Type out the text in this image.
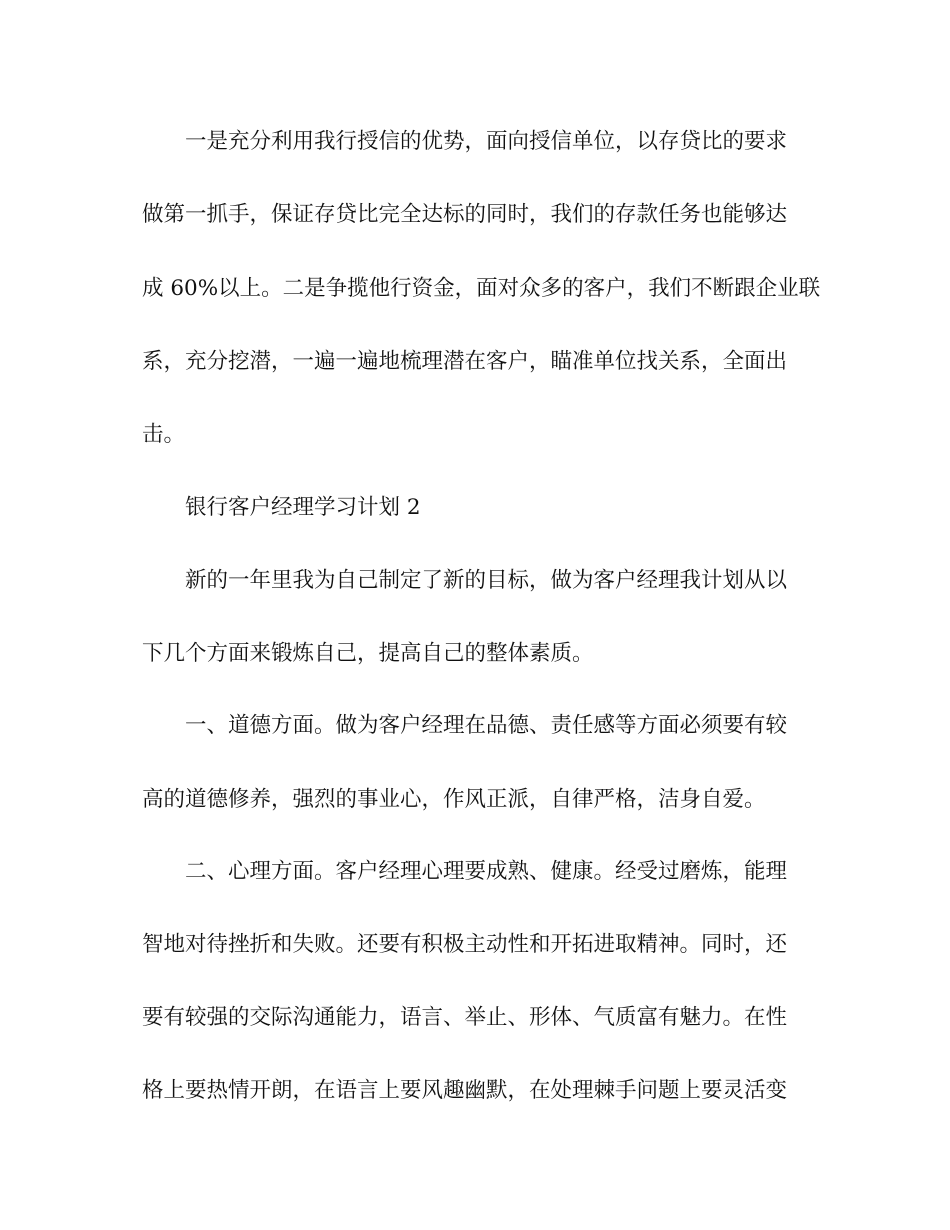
一是充分利用我行授信的优势，面向授信单位，以存贷比的要求
做第一抓手，保证存贷比完全达标的同时，我们的存款任务也能够达
成 60%以上。二是争揽他行资金，面对众多的客户，我们不断跟企业联
系，充分挖潜，一遍一遍地梳理潜在客户，瞄准单位找关系，全面出
击。
银行客户经理学习计划 2
新的一年里我为自己制定了新的目标，做为客户经理我计划从以
下几个方面来锻炼自己，提高自己的整体素质。
一、道德方面。做为客户经理在品德、责任感等方面必须要有较
高的道德修养，强烈的事业心，作风正派，自律严格，洁身自爱。
二、心理方面。客户经理心理要成熟、健康。经受过磨炼，能理
智地对待挫折和失败。还要有积极主动性和开拓进取精神。同时，还
要有较强的交际沟通能力，语言、举止、形体、气质富有魅力。在性
格上要热情开朗，在语言上要风趣幽默，在处理棘手问题上要灵活变
